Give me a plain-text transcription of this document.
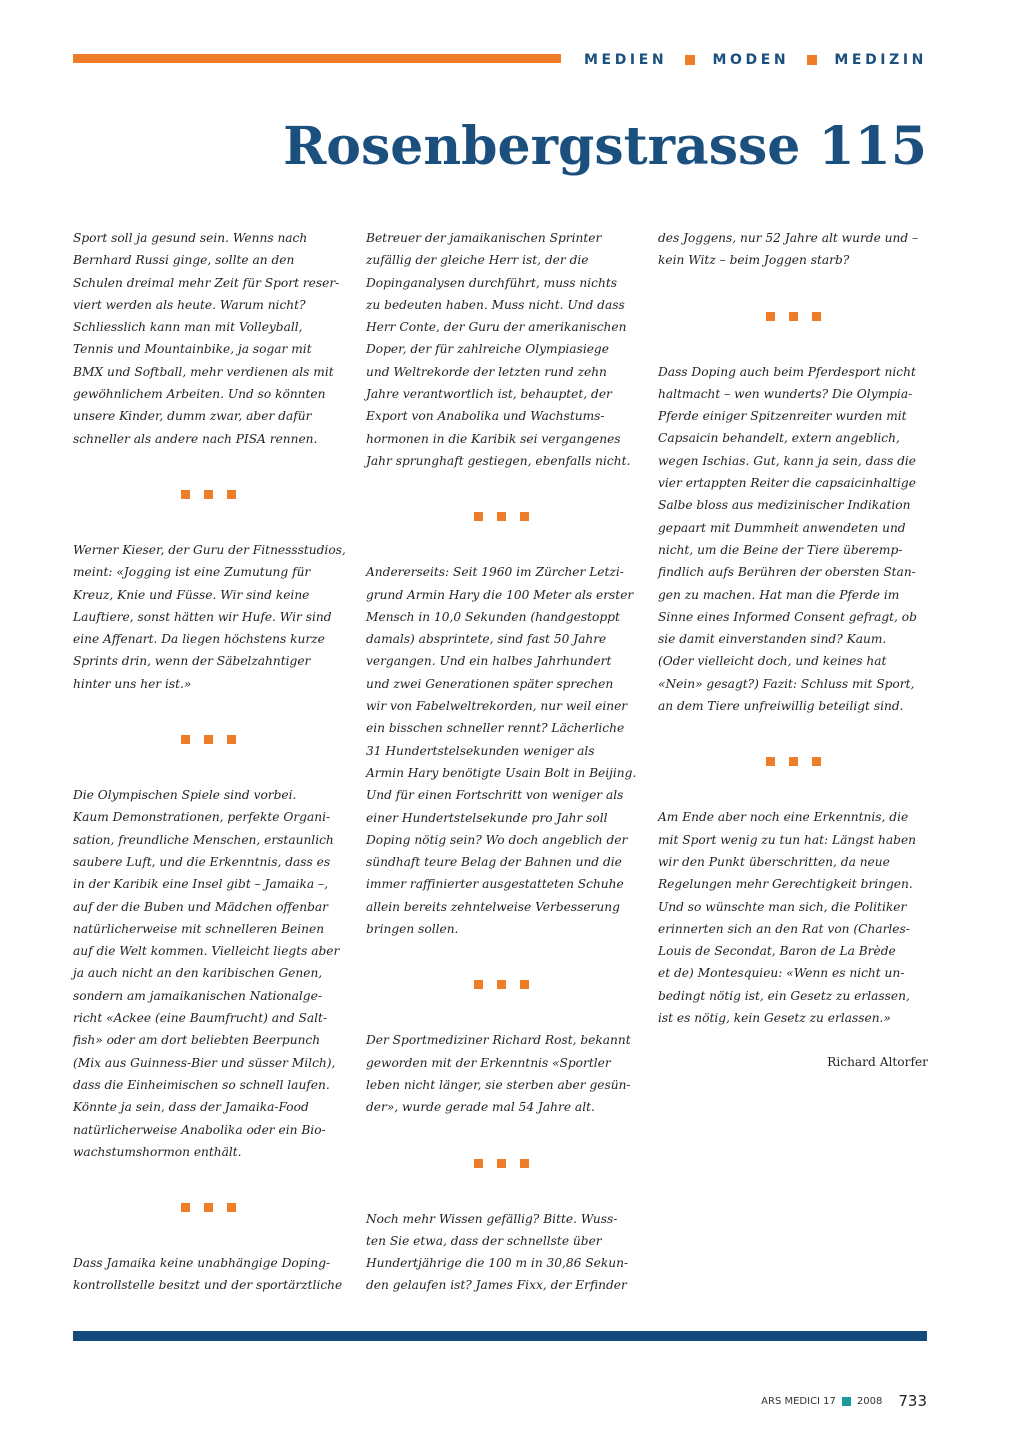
MEDIEN	MODEN	MEDIZIN
Rosenbergstrasse 115

Sport soll ja gesund sein. Wenns nach

Bernhard Russi ginge, sollte an den

Schulen dreimal mehr Zeit für Sport reser-

viert werden als heute. Warum nicht?

Schliesslich kann man mit Volleyball,

Tennis und Mountainbike, ja sogar mit

BMX und Softball, mehr verdienen als mit

gewöhnlichem Arbeiten. Und so könnten

unsere Kinder, dumm zwar, aber dafür

schneller als andere nach PISA rennen.

Werner Kieser, der Guru der Fitnessstudios,

meint: «Jogging ist eine Zumutung für

Kreuz, Knie und Füsse. Wir sind keine

Lauftiere, sonst hätten wir Hufe. Wir sind

eine Affenart. Da liegen höchstens kurze

Sprints drin, wenn der Säbelzahntiger

hinter uns her ist.»

Die Olympischen Spiele sind vorbei.

Kaum Demonstrationen, perfekte Organi-

sation, freundliche Menschen, erstaunlich

saubere Luft, und die Erkenntnis, dass es

in der Karibik eine Insel gibt – Jamaika –,

auf der die Buben und Mädchen offenbar

natürlicherweise mit schnelleren Beinen

auf die Welt kommen. Vielleicht liegts aber

ja auch nicht an den karibischen Genen,

sondern am jamaikanischen Nationalge-

richt «Ackee (eine Baumfrucht) and Salt-

fish» oder am dort beliebten Beerpunch

(Mix aus Guinness-Bier und süsser Milch),

dass die Einheimischen so schnell laufen.

Könnte ja sein, dass der Jamaika-Food

natürlicherweise Anabolika oder ein Bio-

wachstumshormon enthält.

Dass Jamaika keine unabhängige Doping-

kontrollstelle besitzt und der sportärztliche

Betreuer der jamaikanischen Sprinter

zufällig der gleiche Herr ist, der die

Dopinganalysen durchführt, muss nichts

zu bedeuten haben. Muss nicht. Und dass

Herr Conte, der Guru der amerikanischen

Doper, der für zahlreiche Olympiasiege

und Weltrekorde der letzten rund zehn

Jahre verantwortlich ist, behauptet, der

Export von Anabolika und Wachstums-

hormonen in die Karibik sei vergangenes

Jahr sprunghaft gestiegen, ebenfalls nicht.

Andererseits: Seit 1960 im Zürcher Letzi-

grund Armin Hary die 100 Meter als erster

Mensch in 10,0 Sekunden (handgestoppt

damals) absprintete, sind fast 50 Jahre

vergangen. Und ein halbes Jahrhundert

und zwei Generationen später sprechen

wir von Fabelweltrekorden, nur weil einer

ein bisschen schneller rennt? Lächerliche

31 Hundertstelsekunden weniger als

Armin Hary benötigte Usain Bolt in Beijing.

Und für einen Fortschritt von weniger als

einer Hundertstelsekunde pro Jahr soll

Doping nötig sein? Wo doch angeblich der

sündhaft teure Belag der Bahnen und die

immer raffinierter ausgestatteten Schuhe

allein bereits zehntelweise Verbesserung

bringen sollen.

Der Sportmediziner Richard Rost, bekannt

geworden mit der Erkenntnis «Sportler

leben nicht länger, sie sterben aber gesün-

der», wurde gerade mal 54 Jahre alt.

Noch mehr Wissen gefällig? Bitte. Wuss-

ten Sie etwa, dass der schnellste über

Hundertjährige die 100 m in 30,86 Sekun-

den gelaufen ist? James Fixx, der Erfinder

des Joggens, nur 52 Jahre alt wurde und –

kein Witz – beim Joggen starb?

Dass Doping auch beim Pferdesport nicht

haltmacht – wen wunderts? Die Olympia-

Pferde einiger Spitzenreiter wurden mit

Capsaicin behandelt, extern angeblich,

wegen Ischias. Gut, kann ja sein, dass die

vier ertappten Reiter die capsaicinhaltige

Salbe bloss aus medizinischer Indikation

gepaart mit Dummheit anwendeten und

nicht, um die Beine der Tiere überemp-

findlich aufs Berühren der obersten Stan-

gen zu machen. Hat man die Pferde im

Sinne eines Informed Consent gefragt, ob

sie damit einverstanden sind? Kaum.

(Oder vielleicht doch, und keines hat

«Nein» gesagt?) Fazit: Schluss mit Sport,

an dem Tiere unfreiwillig beteiligt sind.

Am Ende aber noch eine Erkenntnis, die

mit Sport wenig zu tun hat: Längst haben

wir den Punkt überschritten, da neue

Regelungen mehr Gerechtigkeit bringen.

Und so wünschte man sich, die Politiker

erinnerten sich an den Rat von (Charles-

Louis de Secondat, Baron de La Brède

et de) Montesquieu: «Wenn es nicht un-

bedingt nötig ist, ein Gesetz zu erlassen,

ist es nötig, kein Gesetz zu erlassen.»

Richard Altorfer
ARS MEDICI 17 2008 733
